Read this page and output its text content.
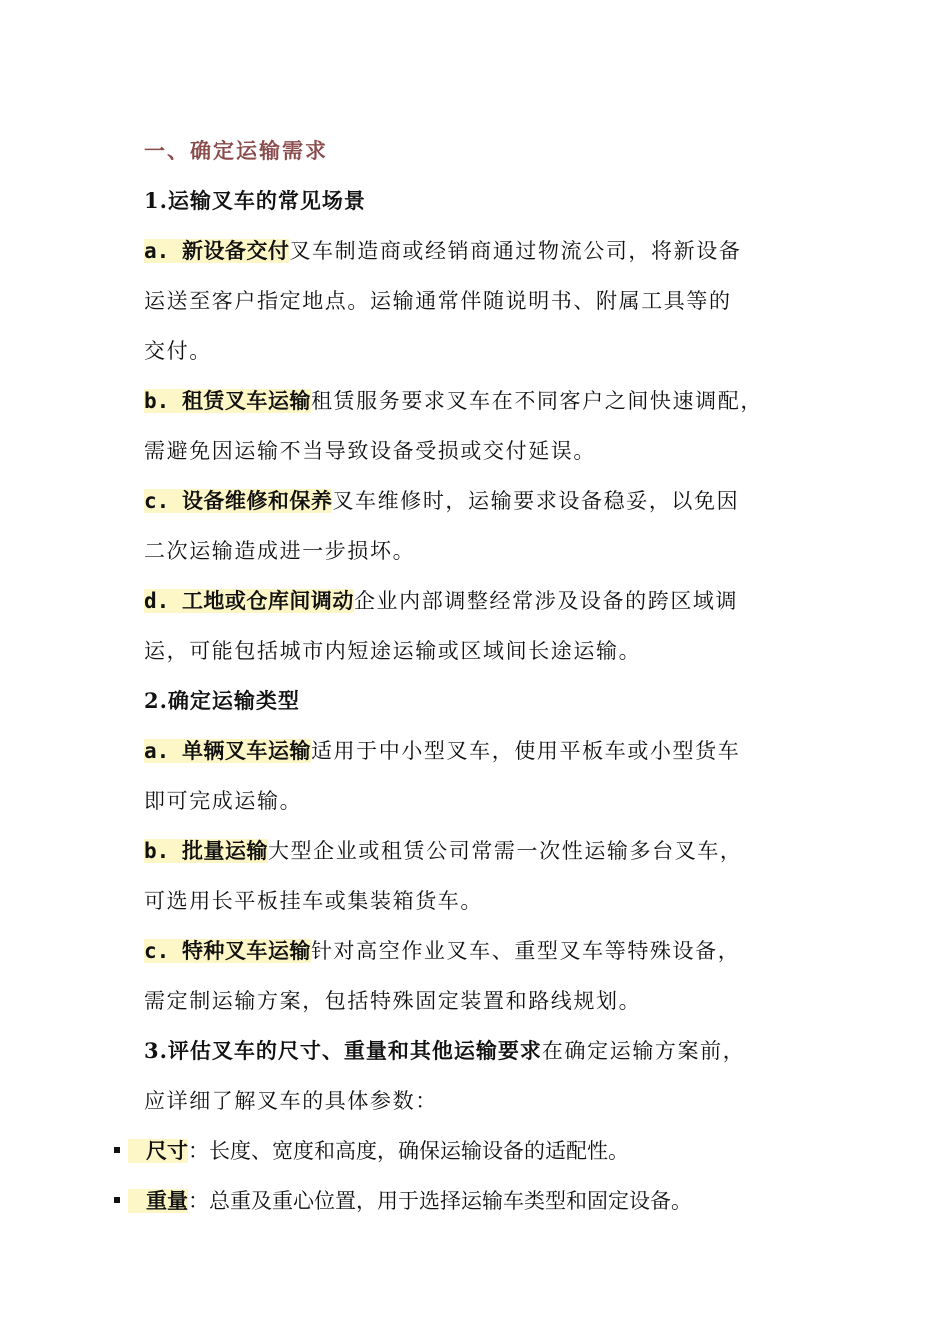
一、确定运输需求
1.运输叉车的常见场景
a. 新设备交付叉车制造商或经销商通过物流公司，将新设备
运送至客户指定地点。运输通常伴随说明书、附属工具等的
交付。
b. 租赁叉车运输租赁服务要求叉车在不同客户之间快速调配，
需避免因运输不当导致设备受损或交付延误。
c. 设备维修和保养叉车维修时，运输要求设备稳妥，以免因
二次运输造成进一步损坏。
d. 工地或仓库间调动企业内部调整经常涉及设备的跨区域调
运，可能包括城市内短途运输或区域间长途运输。
2.确定运输类型
a. 单辆叉车运输适用于中小型叉车，使用平板车或小型货车
即可完成运输。
b. 批量运输大型企业或租赁公司常需一次性运输多台叉车，
可选用长平板挂车或集装箱货车。
c. 特种叉车运输针对高空作业叉车、重型叉车等特殊设备，
需定制运输方案，包括特殊固定装置和路线规划。
3.评估叉车的尺寸、重量和其他运输要求在确定运输方案前，
应详细了解叉车的具体参数：
尺寸：长度、宽度和高度，确保运输设备的适配性。
重量：总重及重心位置，用于选择运输车类型和固定设备。
